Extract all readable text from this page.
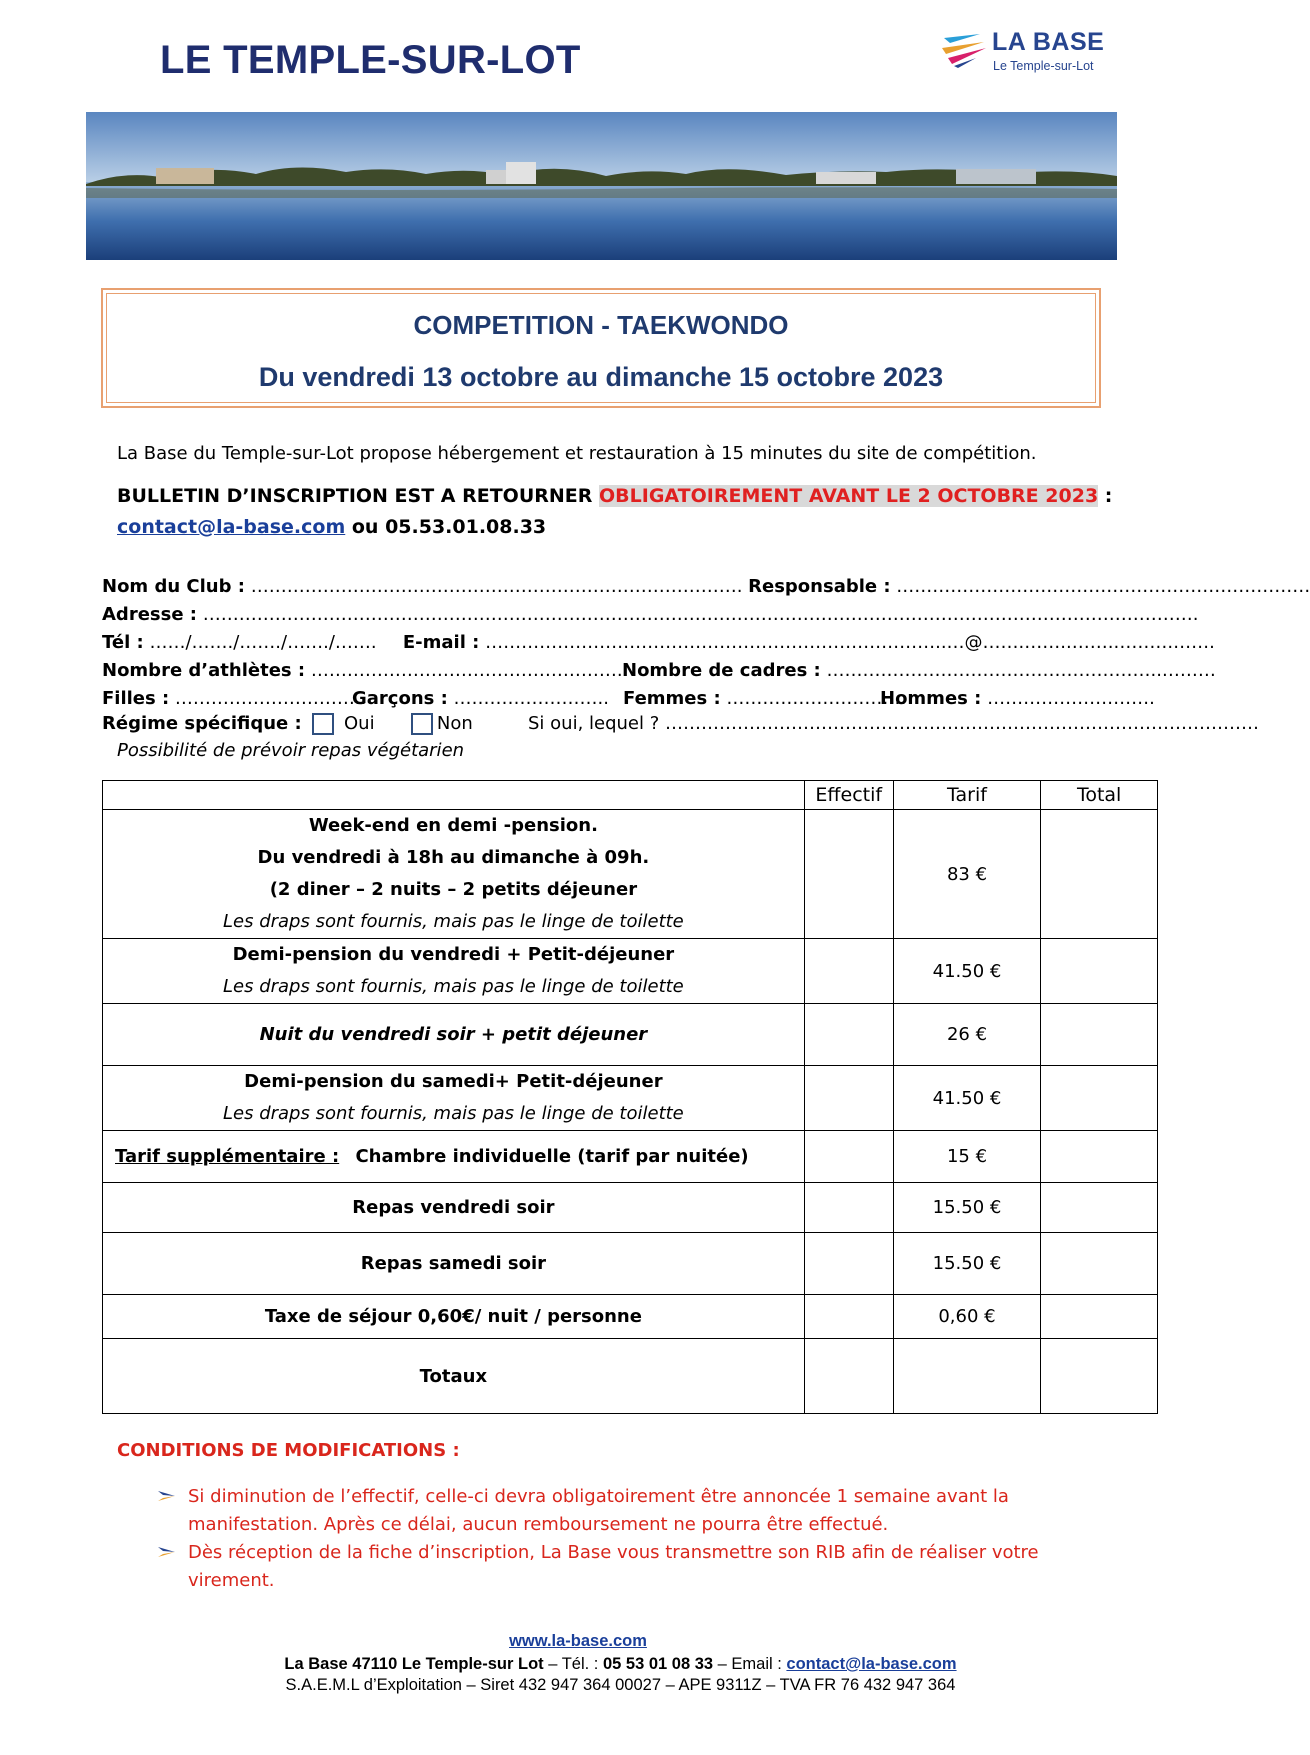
LE TEMPLE-SUR-LOT	LA BASE
Le Temple-sur-Lot
COMPETITION - TAEKWONDO
Du vendredi 13 octobre au dimanche 15 octobre 2023
La Base du Temple-sur-Lot propose hébergement et restauration à 15 minutes du site de compétition.
BULLETIN D’INSCRIPTION EST A RETOURNER OBLIGATOIREMENT AVANT LE 2 OCTOBRE 2023 :
contact@la-base.com ou 05.53.01.08.33
Nom du Club : ………………………………………………………………………. Responsable : ……………………………………………………………
Adresse : ………………………………………………………………………………………………………………………………………………….
Tél : ……/……./……./……./……. E-mail : …………………………………………………………………..…@…….……..…….……….…….
Nombre d’athlètes : ……………………………………………. Nombre de cadres : ………………………………………………..………
Filles : …………………………..
Garçons : …………………….. Femmes : …………………………
Hommes : ……………………….
Régime spécifique : Oui	Non	Si oui, lequel ? ………………………………………………………………………………………
Possibilité de prévoir repas végétarien
	Effectif	Tarif	Total

Week-end en demi -pension.
Du vendredi à 18h au dimanche à 09h.
(2 diner – 2 nuits – 2 petits déjeuner
Les draps sont fournis, mais pas le linge de toilette		83 €	

Demi-pension du vendredi + Petit-déjeuner
Les draps sont fournis, mais pas le linge de toilette		41.50 €	
Nuit du vendredi soir + petit déjeuner		26 €	

Demi-pension du samedi+ Petit-déjeuner
Les draps sont fournis, mais pas le linge de toilette		41.50 €	
Tarif supplémentaire : Chambre individuelle (tarif par nuitée)		15 €	
Repas vendredi soir		15.50 €	
Repas samedi soir		15.50 €	
Taxe de séjour 0,60€/ nuit / personne		0,60 €	
Totaux			
CONDITIONS DE MODIFICATIONS :
Si diminution de l’effectif, celle-ci devra obligatoirement être annoncée 1 semaine avant la manifestation. Après ce délai, aucun remboursement ne pourra être effectué.
Dès réception de la fiche d’inscription, La Base vous transmettre son RIB afin de réaliser votre virement.
www.la-base.com
La Base 47110 Le Temple-sur Lot – Tél. : 05 53 01 08 33 – Email : contact@la-base.com
S.A.E.M.L d’Exploitation – Siret 432 947 364 00027 – APE 9311Z – TVA FR 76 432 947 364
